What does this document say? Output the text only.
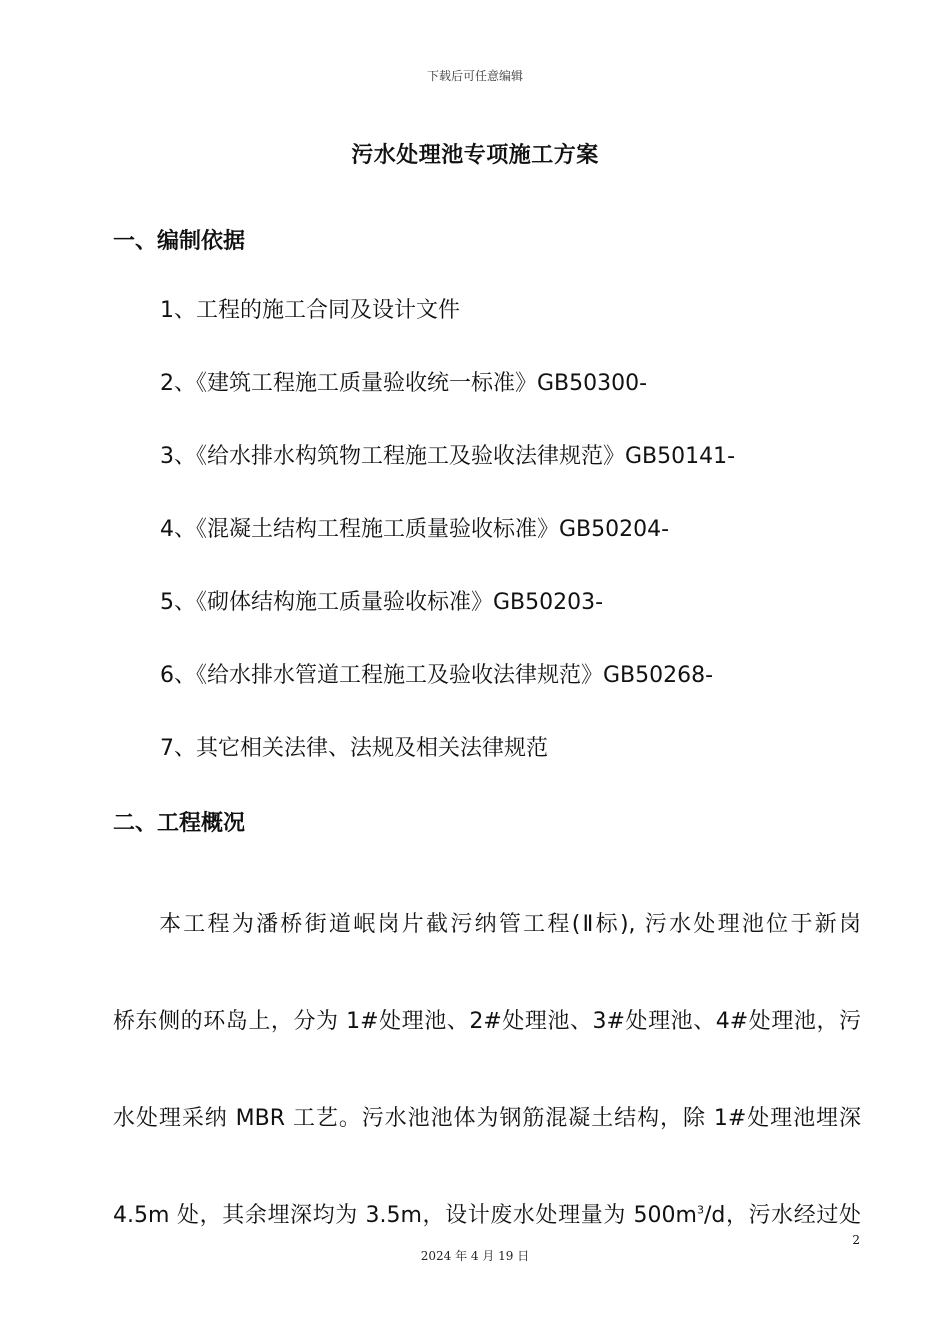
下载后可任意编辑
污水处理池专项施工方案
一、编制依据
1、工程的施工合同及设计文件
2、《建筑工程施工质量验收统一标准》GB50300-
3、《给水排水构筑物工程施工及验收法律规范》GB50141-
4、《混凝土结构工程施工质量验收标准》GB50204-
5、《砌体结构施工质量验收标准》GB50203-
6、《给水排水管道工程施工及验收法律规范》GB50268-
7、其它相关法律、法规及相关法律规范
二、工程概况
本工程为潘桥街道岷岗片截污纳管工程(Ⅱ标), 污水处理池位于新岗
桥东侧的环岛上，分为 1#处理池、2#处理池、3#处理池、4#处理池，污
水处理采纳 MBR 工艺。污水池池体为钢筋混凝土结构，除 1#处理池埋深
4.5m 处，其余埋深均为 3.5m，设计废水处理量为 $500m^3/d$，污水经过处
2
2024 年 4 月 19 日
